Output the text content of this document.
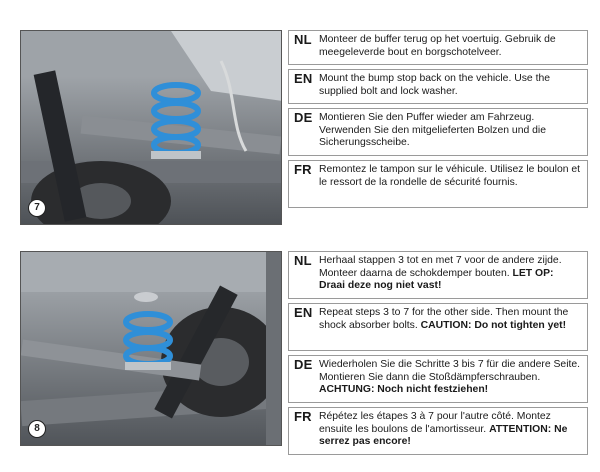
7
NL Monteer de buffer terug op het voertuig. Gebruik de meegeleverde bout en borgschotelveer.
EN Mount the bump stop back on the vehicle. Use the supplied bolt and lock washer.
DE Montieren Sie den Puffer wieder am Fahrzeug. Verwenden Sie den mitgelieferten Bolzen und die Sicherungsscheibe.
FR Remontez le tampon sur le véhicule. Utilisez le boulon et le ressort de la rondelle de sécurité fournis.
8
NL Herhaal stappen 3 tot en met 7 voor de andere zijde. Monteer daarna de schokdemper bouten. LET OP: Draai deze nog niet vast!
EN Repeat steps 3 to 7 for the other side. Then mount the shock absorber bolts. CAUTION: Do not tighten yet!
DE Wiederholen Sie die Schritte 3 bis 7 für die andere Seite. Montieren Sie dann die Stoßdämpferschrauben. ACHTUNG: Noch nicht festziehen!
FR Répétez les étapes 3 à 7 pour l'autre côté. Montez ensuite les boulons de l'amortisseur. ATTENTION: Ne serrez pas encore!
